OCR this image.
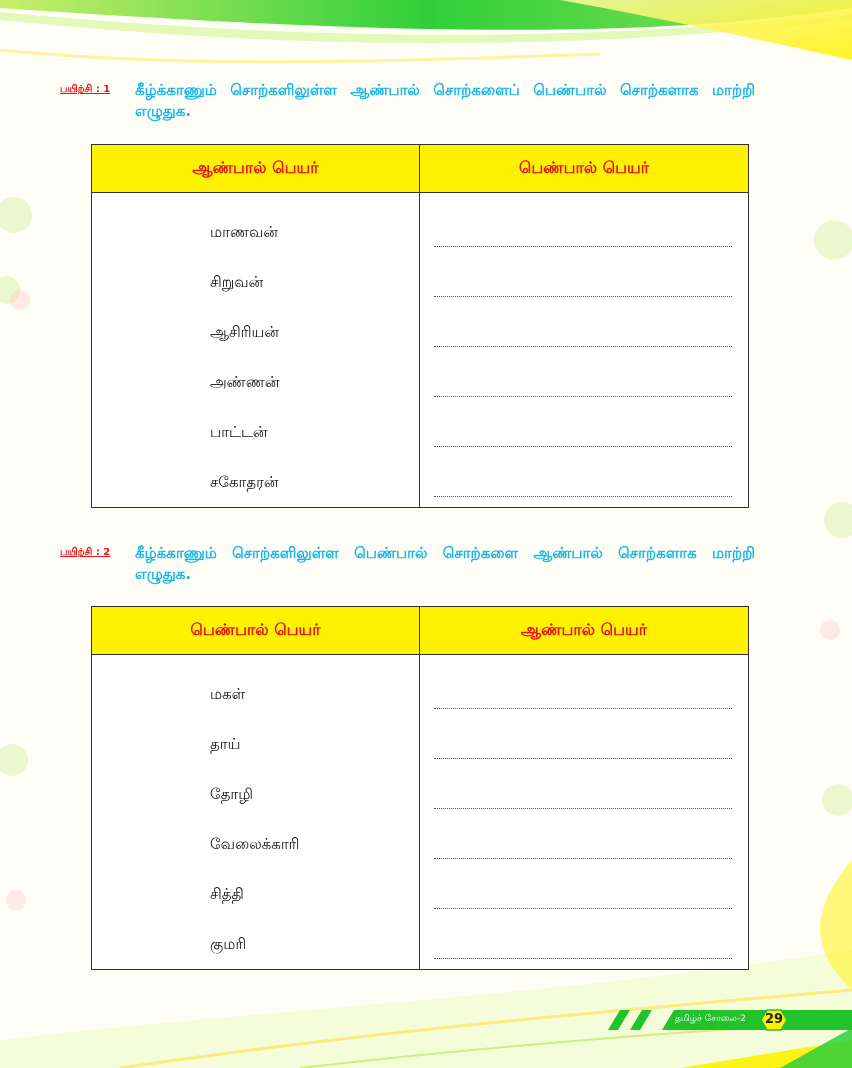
பயிற்சி : 1 கீழ்க்காணும் சொற்களிலுள்ள ஆண்பால் சொற்களைப் பெண்பால் சொற்களாக மாற்றி எழுதுக.
ஆண்பால் பெயர்	பெண்பால் பெயர்

மாணவன்	

சிறுவன்	

ஆசிரியன்	

அண்ணன்	

பாட்டன்	

சகோதரன்	

பயிற்சி : 2 கீழ்க்காணும் சொற்களிலுள்ள பெண்பால் சொற்களை ஆண்பால் சொற்களாக மாற்றி எழுதுக.
பெண்பால் பெயர்	ஆண்பால் பெயர்

மகள்	

தாய்	

தோழி	

வேலைக்காரி	

சித்தி	

குமரி	

தமிழ்ச் சோலை-2	29
